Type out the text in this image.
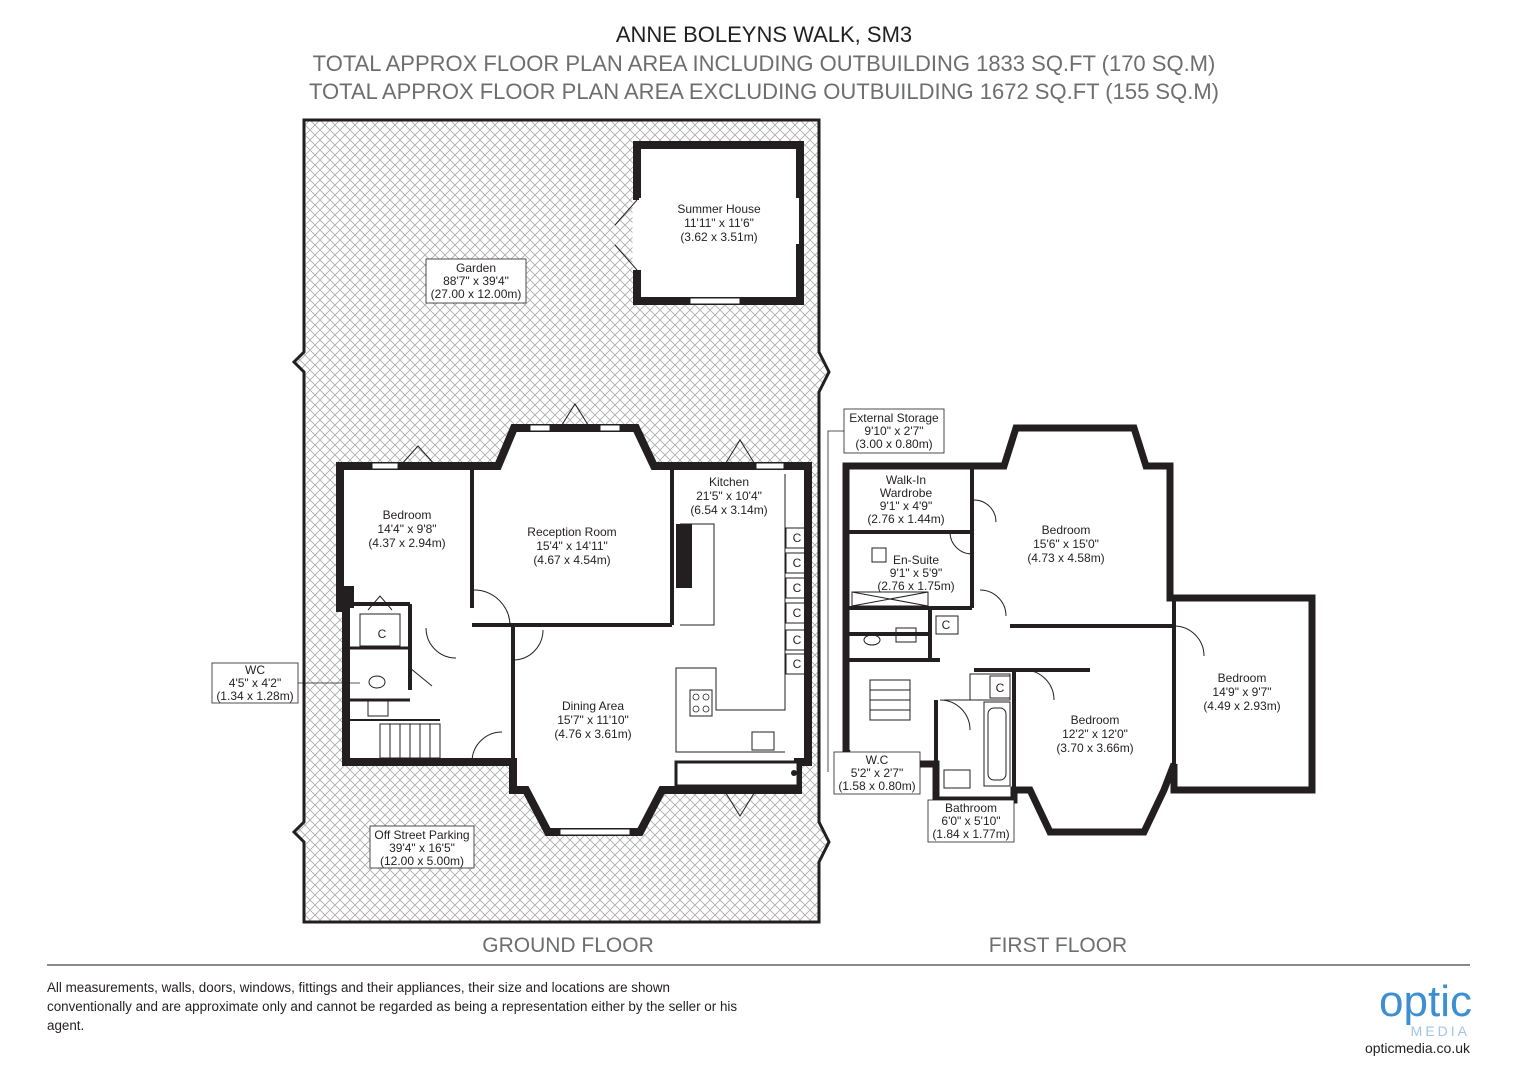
ANNE BOLEYNS WALK, SM3
TOTAL APPROX FLOOR PLAN AREA INCLUDING OUTBUILDING 1833 SQ.FT (170 SQ.M)
TOTAL APPROX FLOOR PLAN AREA EXCLUDING OUTBUILDING 1672 SQ.FT (155 SQ.M)
C
C
C
C
C
C
C
Summer House
11'11" x 11'6"
(3.62 x 3.51m)
Garden
88'7" x 39'4"
(27.00 x 12.00m)
Bedroom
14'4" x 9'8"
(4.37 x 2.94m)
Reception Room
15'4" x 14'11"
(4.67 x 4.54m)
Kitchen
21'5" x 10'4"
(6.54 x 3.14m)
Dining Area
15'7" x 11'10"
(4.76 x 3.61m)
WC
4'5" x 4'2"
(1.34 x 1.28m)
Off Street Parking
39'4" x 16'5"
(12.00 x 5.00m)
GROUND FLOOR
C
C
External Storage
9'10" x 2'7"
(3.00 x 0.80m)
Walk-In
Wardrobe
9'1" x 4'9"
(2.76 x 1.44m)
En-Suite
9'1" x 5'9"
(2.76 x 1.75m)
Bedroom
15'6" x 15'0"
(4.73 x 4.58m)
Bedroom
14'9" x 9'7"
(4.49 x 2.93m)
Bedroom
12'2" x 12'0"
(3.70 x 3.66m)
W.C
5'2" x 2'7"
(1.58 x 0.80m)
Bathroom
6'0" x 5'10"
(1.84 x 1.77m)
FIRST FLOOR
All measurements, walls, doors, windows, fittings and their appliances, their size and locations are shown conventionally and are approximate only and cannot be regarded as being a representation either by the seller or his agent.	optic
MEDIA
opticmedia.co.uk
